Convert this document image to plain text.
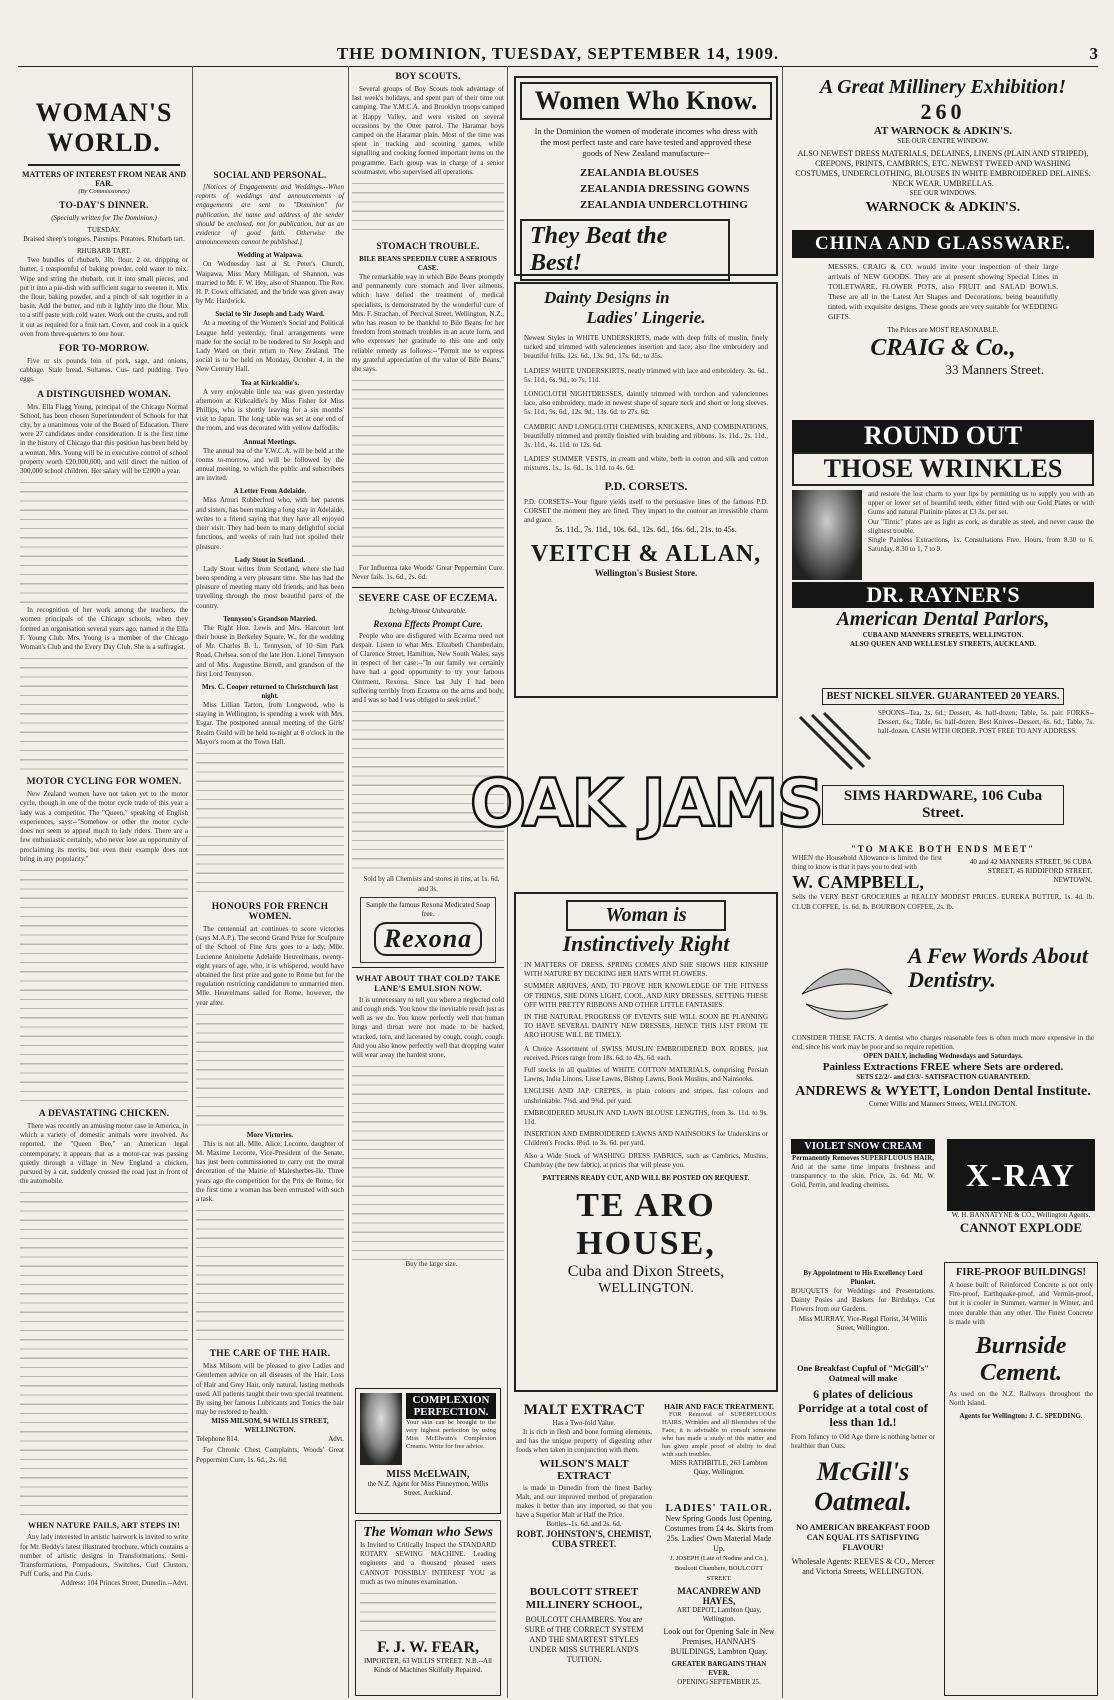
THE DOMINION, TUESDAY, SEPTEMBER 14, 1909.	3
WOMAN'S WORLD.
MATTERS OF INTEREST FROM NEAR AND FAR.
(By Commissioner.)
TO-DAY'S DINNER.
(Specially written for The Dominion.)
TUESDAY.

Braised sheep's tongues. Parsnips. Potatoes. Rhubarb tart.

RHUBARB TART.

Two bundles of rhubarb, 3lb. flour, 2 oz. dripping or butter, 1 teaspoonful of baking powder, cold water to mix. Wipe and string the rhubarb, cut it into small pieces, and put it into a pie-dish with sufficient sugar to sweeten it. Mix the flour, baking powder, and a pinch of salt together in a basin. Add the butter, and rub it lightly into the flour. Mix to a stiff paste with cold water. Work out the crusts, and roll it out as required for a fruit tart. Cover, and cook in a quick oven from three-quarters to one hour.

FOR TO-MORROW.

Five or six pounds loin of pork, sage, and onions, cabbage. Stale bread. Sultanas. Cus- tard pudding. Two eggs.

A DISTINGUISHED WOMAN.

Mrs. Ella Flagg Young, principal of the Chicago Normal School, has been chosen Superintendent of Schools for that city, by a unanimous vote of the Board of Education. There were 27 candidates under consideration. It is the first time in the history of Chicago that this position has been held by a woman. Mrs. Young will be in executive control of school property worth £20,000,000, and will direct the tuition of 300,000 school children. Her salary will be £2000 a year.

In recognition of her work among the teachers, the women principals of the Chicago schools, when they formed an organisation several years ago, named it the Ella F. Young Club. Mrs. Young is a member of the Chicago Woman's Club and the Every Day Club. She is a suffragist.

MOTOR CYCLING FOR WOMEN.

New Zealand women have not taken yet to the motor cycle, though in one of the motor cycle trade of this year a lady was a competitor. The "Queen," speaking of English experiences, says:--"Somehow or other the motor cycle does not seem to appeal much to lady riders. There are a few enthusiastic certainly, who never lose an opportunity of proclaiming its merits, but even their example does not bring in any popularity."

A DEVASTATING CHICKEN.

There was recently an amusing motor case in America, in which a variety of domestic animals were involved. As reported, the "Queen Bee," an American legal contemporary, it appears that as a motor-car was passing quietly through a village in New England a chicken, pursued by a cat, suddenly crossed the road just in front of the automobile.

WHEN NATURE FAILS, ART STEPS IN!

Any lady interested in artistic hairwork is invited to write for Mr. Beddy's latest illustrated brochure, which contains a number of artistic designs in Transformations, Semi-Transformations, Pompadours, Switches, Curl Clusters, Puff Curls, and Pin Curls.

Address: 104 Princes Street, Dunedin.--Advt.

SOCIAL AND PERSONAL.

[Notices of Engagements and Weddings.--When reports of weddings and announcements of engagements are sent to "Dominion" for publication, the name and address of the sender should be enclosed, not for publication, but as an evidence of good faith. Otherwise the announcements cannot be published.]

Wedding at Waipawa.

On Wednesday last at St. Peter's Church, Waipawa, Miss Mary Milligan, of Shannon, was married to Mr. F. W. Hey, also of Shannon. The Rev. H. P. Cowx officiated, and the bride was given away by Mr. Hardwick.

Social to Sir Joseph and Lady Ward.

At a meeting of the Women's Social and Political League held yesterday, final arrangements were made for the social to be tendered to Sir Joseph and Lady Ward on their return to New Zealand. The social is to be held on Monday, October 4, in the New Century Hall.

Tea at Kirkcaldie's.

A very enjoyable little tea was given yesterday afternoon at Kirkcaldie's by Miss Fisher for Miss Phillips, who is shortly leaving for a six months' visit to Japan. The long table was set at one end of the room, and was decorated with yellow daffodils.

Annual Meetings.

The annual tea of the Y.W.C.A. will be held at the rooms to-morrow, and will be followed by the annual meeting, to which the public and subscribers are invited.

A Letter From Adelaide.

Miss Amuri Rubberford who, with her parents and sisters, has been making a long stay in Adelaide, writes to a friend saying that they have all enjoyed their visit. They had been to many delightful social functions, and weeks of rain had not spoiled their pleasure.

Lady Stout in Scotland.

Lady Stout writes from Scotland, where she had been spending a very pleasant time. She has had the pleasure of meeting many old friends, and has been travelling through the most beautiful parts of the country.

Tennyson's Grandson Married.

The Right Hon. Lewis and Mrs. Harcourt lent their house in Berkeley Square, W., for the wedding of Mr. Charles B. L. Tennyson, of 10 Sim Park Road, Chelsea, son of the late Hon. Lionel Tennyson and of Mrs. Augustine Birrell, and grandson of the first Lord Tennyson.

Mrs. C. Cooper returned to Christchurch last night.

Miss Lillian Tarton, from Longwood, who is staying in Wellington, is spending a week with Mrs. Esgar. The postponed annual meeting of the Girls' Realm Guild will be held to-night at 8 o'clock in the Mayor's room at the Town Hall.

HONOURS FOR FRENCH WOMEN.

The centennial art continues to score victories (says M.A.P.). The second Grand Prize for Sculpture of the School of Fine Arts goes to a lady, Mlle. Lucienne Antoinette Adelaide Heuvelmans, twenty-eight years of age, who, it is whispered, would have obtained the first prize and gone to Rome but for the regulation restricting candidature to unmarried men. Mlle. Heuvelmans sailed for Rome, however, the year after.

More Victories.

This is not all. Mlle. Alice, Leconte, daughter of M. Maxime Leconte, Vice-President of the Senate, has just been commissioned to carry out the mural decoration of the Mairie of Malesherbes-Ile. Three years ago the competition for the Prix de Rome, for the first time a woman has been entrusted with such a task.

THE CARE OF THE HAIR.

Miss Milsom will be pleased to give Ladies and Gentlemen advice on all diseases of the Hair. Loss of Hair and Grey Hair, only natural, lasting methods used. All patients taught their own special treatment. By using her famous Lubricants and Tonics the hair may be restored to health.

MISS MILSOM, 94 WILLIS STREET, WELLINGTON.
Telephone 814.	Advt.

For Chronic Chest Complaints, Woods' Great Peppermint Cure, 1s. 6d., 2s. 6d.

BOY SCOUTS.

Several groups of Boy Scouts took advantage of last week's holidays, and spent part of their time out camping. The Y.M.C.A. and Brooklyn troops camped at Happy Valley, and were visited on several occasions by the Otter patrol. The Haramar boys camped on the Haramar plain. Most of the time was spent in tracking and scouting games, while signalling and cooking formed important items on the programme. Each group was in charge of a senior scoutmaster, who supervised all operations.

STOMACH TROUBLE.
BILE BEANS SPEEDILY CURE A SERIOUS CASE.

The remarkable way in which Bile Beans promptly and permanently cure stomach and liver ailments, which have defied the treatment of medical specialists, is demonstrated by the wonderful cure of Mrs. F. Strachan, of Percival Street, Wellington, N.Z., who has reason to be thankful to Bile Beans for her freedom from stomach troubles in an acute form, and who expresses her gratitude to this one and only reliable remedy as follows:--"Permit me to express my grateful appreciation of the value of Bile Beans," she says.

For Influenza take Woods' Great Peppermint Cure. Never fails. 1s. 6d., 2s. 6d.

SEVERE CASE OF ECZEMA.
Itching Almost Unbearable.
Rexona Effects Prompt Cure.

People who are disfigured with Eczema need not despair. Listen to what Mrs. Elizabeth Chamberlain, of Clarence Street, Hamilton, New South Wales, says in respect of her case:--"In our family we certainly have had a good opportunity to try your famous Ointment, Rexona. Since last July I had been suffering terribly from Eczema on the arms and body, and I was so bad I was obliged to seek relief."

Sold by all Chemists and stores in tins, at 1s. 6d. and 3s.

Sample the famous Rexona Medicated Soap free.
Rexona
WHAT ABOUT THAT COLD? TAKE LANE'S EMULSION NOW.

It is unnecessary to tell you where a neglected cold and cough ends. You know the inevitable result just as well as we do. You know perfectly well that human lungs and throat were not made to be hacked, wracked, torn, and lacerated by cough, cough, cough. And you also know perfectly well that dropping water will wear away the hardest stone.

Buy the large size.

COMPLEXION PERFECTION.

Your skin can be brought to the very highest perfection by using Miss McElwain's Complexion Creams. Write for free advice.

MISS McELWAIN,
the N.Z. Agent for Miss Pinneymon, Willis Street, Auckland.
The Woman who Sews

Is Invited to Critically Inspect the STANDARD ROTARY SEWING MACHINE. Leading engineers and a thousand pleased users CANNOT POSSIBLY INTEREST YOU as much as two minutes examination.

F. J. W. FEAR,
IMPORTER, 63 WILLIS STREET. N.B.--All Kinds of Machines Skilfully Repaired.
Women Who Know.

In the Dominion the women of moderate incomes who dress with the most perfect taste and care have tested and approved these goods of New Zealand manufacture--

ZEALANDIA BLOUSES
ZEALANDIA DRESSING GOWNS
ZEALANDIA UNDERCLOTHING
They Beat the Best!
Dainty Designs in
Ladies' Lingerie.

Newest Styles in WHITE UNDERSKIRTS, made with deep frills of muslin, finely tucked and trimmed with valenciennes insertion and lace; also fine embroidery and beautiful frills. 12s. 6d., 13s. 9d., 17s. 6d., to 35s.

LADIES' WHITE UNDERSKIRTS, neatly trimmed with lace and embroidery. 3s. 6d., 5s. 11d., 6s. 9d., to 7s. 11d.

LONGCLOTH NIGHTDRESSES, daintily trimmed with torchon and valenciennes lace, also embroidery, made in newest shape of square neck and short or long sleeves. 5s. 11d., 9s. 6d., 12s. 9d., 13s. 6d. to 27s. 6d.

CAMBRIC AND LONGCLOTH CHEMISES, KNICKERS, AND COMBINATIONS, beautifully trimmed and prettily finished with braiding and ribbons. 1s. 11d., 2s. 11d., 3s. 11d., 4s. 11d. to 12s. 6d.

LADIES' SUMMER VESTS, in cream and white, both in cotton and silk and cotton mixtures. 1s., 1s. 6d., 1s. 11d. to 4s. 6d.

P.D. CORSETS.

P.D. CORSETS--Your figure yields itself to the persuasive lines of the famous P.D. CORSET the moment they are fitted. They impart to the contour an irresistible charm and grace.

5s. 11d., 7s. 11d., 10s. 6d., 12s. 6d., 16s. 6d., 21s. to 45s.

VEITCH & ALLAN,
Wellington's Busiest Store.
OAK JAMS
Woman is
Instinctively Right

IN MATTERS OF DRESS. SPRING COMES AND SHE SHOWS HER KINSHIP WITH NATURE BY DECKING HER HATS WITH FLOWERS.

SUMMER ARRIVES, AND, TO PROVE HER KNOWLEDGE OF THE FITNESS OF THINGS, SHE DONS LIGHT, COOL, AND AIRY DRESSES, SETTING THESE OFF WITH PRETTY RIBBONS AND OTHER LITTLE FANTASIES.

IN THE NATURAL PROGRESS OF EVENTS SHE WILL SOON BE PLANNING TO HAVE SEVERAL DAINTY NEW DRESSES, HENCE THIS LIST FROM TE ARO HOUSE WILL BE TIMELY.

A Choice Assortment of SWISS MUSLIN EMBROIDERED BOX ROBES, just received. Prices range from 18s. 6d. to 42s. 6d. each.

Full stocks in all qualities of WHITE COTTON MATERIALS, comprising Persian Lawns, India Linons, Lisse Lawns, Bishop Lawns, Book Muslins, and Nainsooks.

ENGLISH AND JAP. CREPES, in plain colours and stripes, fast colours and unshrinkable. 7½d. and 9¾d. per yard.

EMBROIDERED MUSLIN AND LAWN BLOUSE LENGTHS, from 3s. 11d. to 9s. 11d.

INSERTION AND EMBROIDERED LAWNS AND NAINSOOKS for Underskirts or Children's Frocks. 8¾d. to 3s. 6d. per yard.

Also a Wide Stock of WASHING DRESS FABRICS, such as Cambrics, Muslins, Chambray (the new fabric), at prices that will please you.

PATTERNS READY CUT, AND WILL BE POSTED ON REQUEST.
TE ARO HOUSE,
Cuba and Dixon Streets,
WELLINGTON.
MALT EXTRACT
Has a Two-fold Value.

It is rich in flesh and bone forming elements, and has the unique property of digesting other foods when taken in conjunction with them.

WILSON'S MALT EXTRACT

is made in Dunedin from the finest Barley Malt, and our improved method of preparation makes it better than any imported, so that you have a Superior Malt at Half the Price.

Bottles--1s. 6d. and 2s. 6d.
ROBT. JOHNSTON'S, CHEMIST, CUBA STREET.
BOULCOTT STREET MILLINERY SCHOOL,

BOULCOTT CHAMBERS. You are SURE of THE CORRECT SYSTEM AND THE SMARTEST STYLES UNDER MISS SUTHERLAND'S TUITION.

HAIR AND FACE TREATMENT.

FOR Removal of SUPERFLUOUS HAIRS, Wrinkles and all Blemishes of the Face, it is advisable to consult someone who has made a study of this matter and has given ample proof of ability to deal with such troubles.

MISS RATHBITLE, 263 Lambton Quay, Wellington.
LADIES' TAILOR.

New Spring Goods Just Opening. Costumes from £4 4s. Skirts from 25s. Ladies' Own Material Made Up.

J. JOSEPH (Late of Nodine and Co.), Boulcott Chambers, BOULCOTT STREET.

MACANDREW AND HAYES,
ART DEPOT, Lambton Quay, Wellington.

Look out for Opening Sale in New Premises, HANNAH'S BUILDINGS, Lambton Quay.

GREATER BARGAINS THAN EVER.
OPENING SEPTEMBER 25.
A Great Millinery Exhibition!
260
AT WARNOCK & ADKIN'S.
SEE OUR CENTRE WINDOW.

ALSO NEWEST DRESS MATERIALS, DELAINES, LINENS (PLAIN AND STRIPED), CREPONS, PRINTS, CAMBRICS, ETC. NEWEST TWEED AND WASHING COSTUMES, UNDERCLOTHING, BLOUSES IN WHITE EMBROIDERED DELAINES. NECK WEAR. UMBRELLAS.

SEE OUR WINDOWS.
WARNOCK & ADKIN'S.
CHINA AND GLASSWARE.

MESSRS. CRAIG & CO. would invite your inspection of their large arrivals of NEW GOODS. They are at present showing Special Lines in TOILETWARE, FLOWER POTS, also FRUIT and SALAD BOWLS. These are all in the Latest Art Shapes and Decorations, being beautifully tinted, with exquisite designs. These goods are very suitable for WEDDING GIFTS.

The Prices are MOST REASONABLE.
CRAIG & Co.,
33 Manners Street.
ROUND OUT
THOSE WRINKLES

and restore the lost charm to your lips by permitting us to supply you with an upper or lower set of beautiful teeth, either fitted with our Gold Plates or with Gums and natural Platinite plates at £3 3s. per set.

Our "Tintic" plates are as light as cork, as durable as steel, and never cause the slightest trouble.

Single Painless Extractions, 1s. Consultations Free. Hours, from 8.30 to 6. Saturday, 8.30 to 1, 7 to 9.

DR. RAYNER'S
American Dental Parlors,
CUBA AND MANNERS STREETS, WELLINGTON.
ALSO QUEEN AND WELLESLEY STREETS, AUCKLAND.
BEST NICKEL SILVER. GUARANTEED 20 YEARS.

SPOONS--Tea, 2s. 6d.; Dessert, 4s. half-dozen; Table, 5s. pair. FORKS--Dessert, 6s.; Table, 6s. half-dozen. Best Knives--Dessert, 6s. 6d.; Table, 7s. half-dozen. CASH WITH ORDER. POST FREE TO ANY ADDRESS.

SIMS HARDWARE, 106 Cuba Street.
"TO MAKE BOTH ENDS MEET"

WHEN the Household Allowance is limited the first thing to know is that it pays you to deal with

40 and 42 MANNERS STREET, 96 CUBA STREET, 45 RIDDIFORD STREET, NEWTOWN.
W. CAMPBELL,

Sells the VERY BEST GROCERIES at REALLY MODEST PRICES. EUREKA BUTTER, 1s. 4d. lb. CLUB COFFEE, 1s. 6d. lb. BOURBON COFFEE, 2s. lb.

A Few Words About Dentistry.

CONSIDER THESE FACTS. A dentist who charges reasonable fees is often much more expensive in the end, since his work may be poor and so require repetition.

OPEN DAILY, including Wednesdays and Saturdays.
Painless Extractions FREE where Sets are ordered.
SETS £2/2/- and £3/3/- SATISFACTION GUARANTEED.
ANDREWS & WYETT, London Dental Institute.
Corner Willis and Manners Streets, WELLINGTON.
VIOLET SNOW CREAM
Permanently Removes SUPERFLUOUS HAIR,

And at the same time imparts freshness and transparency to the skin. Price, 2s. 6d. Mr. W. Gold, Perrin, and leading chemists.

By Appointment to His Excellency Lord Plunket.

BOUQUETS for Weddings and Presentations. Dainty Posies and Baskets for Birthdays. Cut Flowers from our Gardens.

Miss MURRAY, Vice-Regal Florist, 34 Willis Street, Wellington.
X-RAY
W. H. BANNATYNE & CO., Wellington Agents.
CANNOT EXPLODE
One Breakfast Cupful of "McGill's" Oatmeal will make
6 plates of delicious Porridge at a total cost of less than 1d.!

From Infancy to Old Age there is nothing better or healthier than Oats.

McGill's Oatmeal.

NO AMERICAN BREAKFAST FOOD CAN EQUAL ITS SATISFYING FLAVOUR!

Wholesale Agents: REEVES & CO., Mercer and Victoria Streets, WELLINGTON.

FIRE-PROOF BUILDINGS!

A house built of Reinforced Concrete is not only Fire-proof, Earthquake-proof, and Vermin-proof, but it is cooler in Summer, warmer in Winter, and more durable than any other. The Finest Concrete is made with

Burnside
Cement.

As used on the N.Z. Railways throughout the North Island.

Agents for Wellington: J. C. SPEDDING.
